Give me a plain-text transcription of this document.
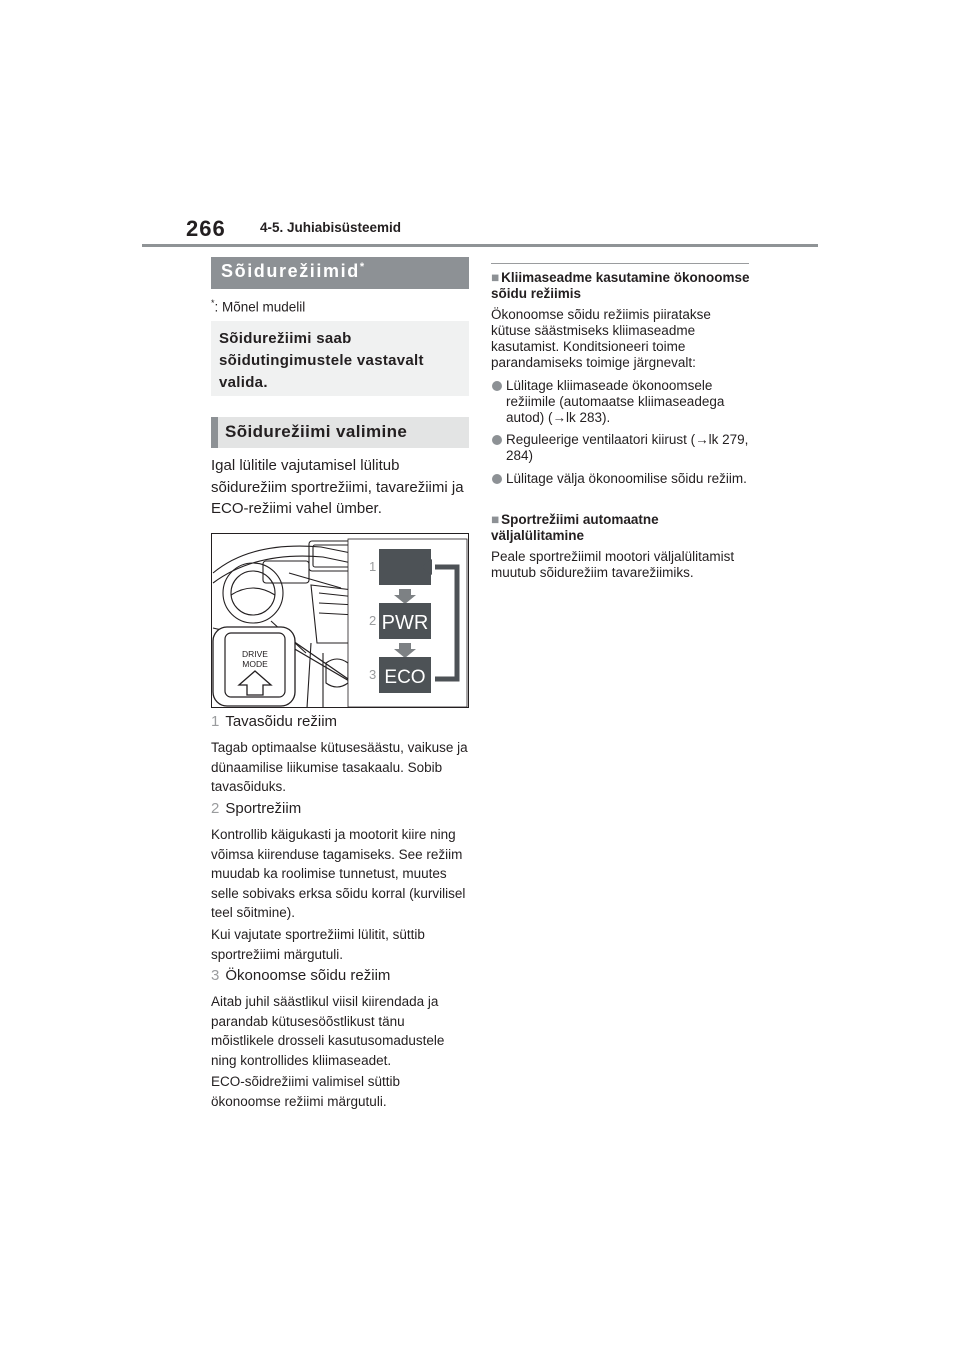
266	4-5. Juhiabisüsteemid
Sõidurežiimid*
*: Mõnel mudelil
Sõidurežiimi saab sõidutingimustele vastavalt valida.
Sõidurežiimi valimine
Igal lülitile vajutamisel lülitub sõidurežiim sportrežiimi, tavarežiimi ja ECO-režiimi vahel ümber.
DRIVE
MODE
1
2
3
PWR
ECO
1 Tavasõidu režiim
Tagab optimaalse kütusesäästu, vaikuse ja dünaamilise liikumise tasakaalu. Sobib tavasõiduks.
2 Sportrežiim
Kontrollib käigukasti ja mootorit kiire ning võimsa kiirenduse tagamiseks. See režiim muudab ka roolimise tunnetust, muutes selle sobivaks erksa sõidu korral (kurvilisel teel sõitmine).
Kui vajutate sportrežiimi lülitit, süttib sportrežiimi märgutuli.
3 Ökonoomse sõidu režiim
Aitab juhil säästlikul viisil kiirendada ja parandab kütusesöõstlikust tänu mõistlikele drosseli kasutusomadustele ning kontrollides kliimaseadet.
ECO-sõidrežiimi valimisel süttib ökonoomse režiimi märgutuli.
■ Kliimaseadme kasutamine ökonoomse sõidu režiimis
Ökonoomse sõidu režiimis piiratakse kütuse säästmiseks kliimaseadme kasutamist. Konditsioneeri toime parandamiseks toimige järgnevalt:
Lülitage kliimaseade ökonoomsele režiimile (automaatse kliimaseadega autod) (→lk 283).
Reguleerige ventilaatori kiirust (→lk 279, 284)
Lülitage välja ökonoomilise sõidu režiim.
■ Sportrežiimi automaatne väljalülitamine
Peale sportrežiimil mootori väljalülitamist muutub sõidurežiim tavarežiimiks.
